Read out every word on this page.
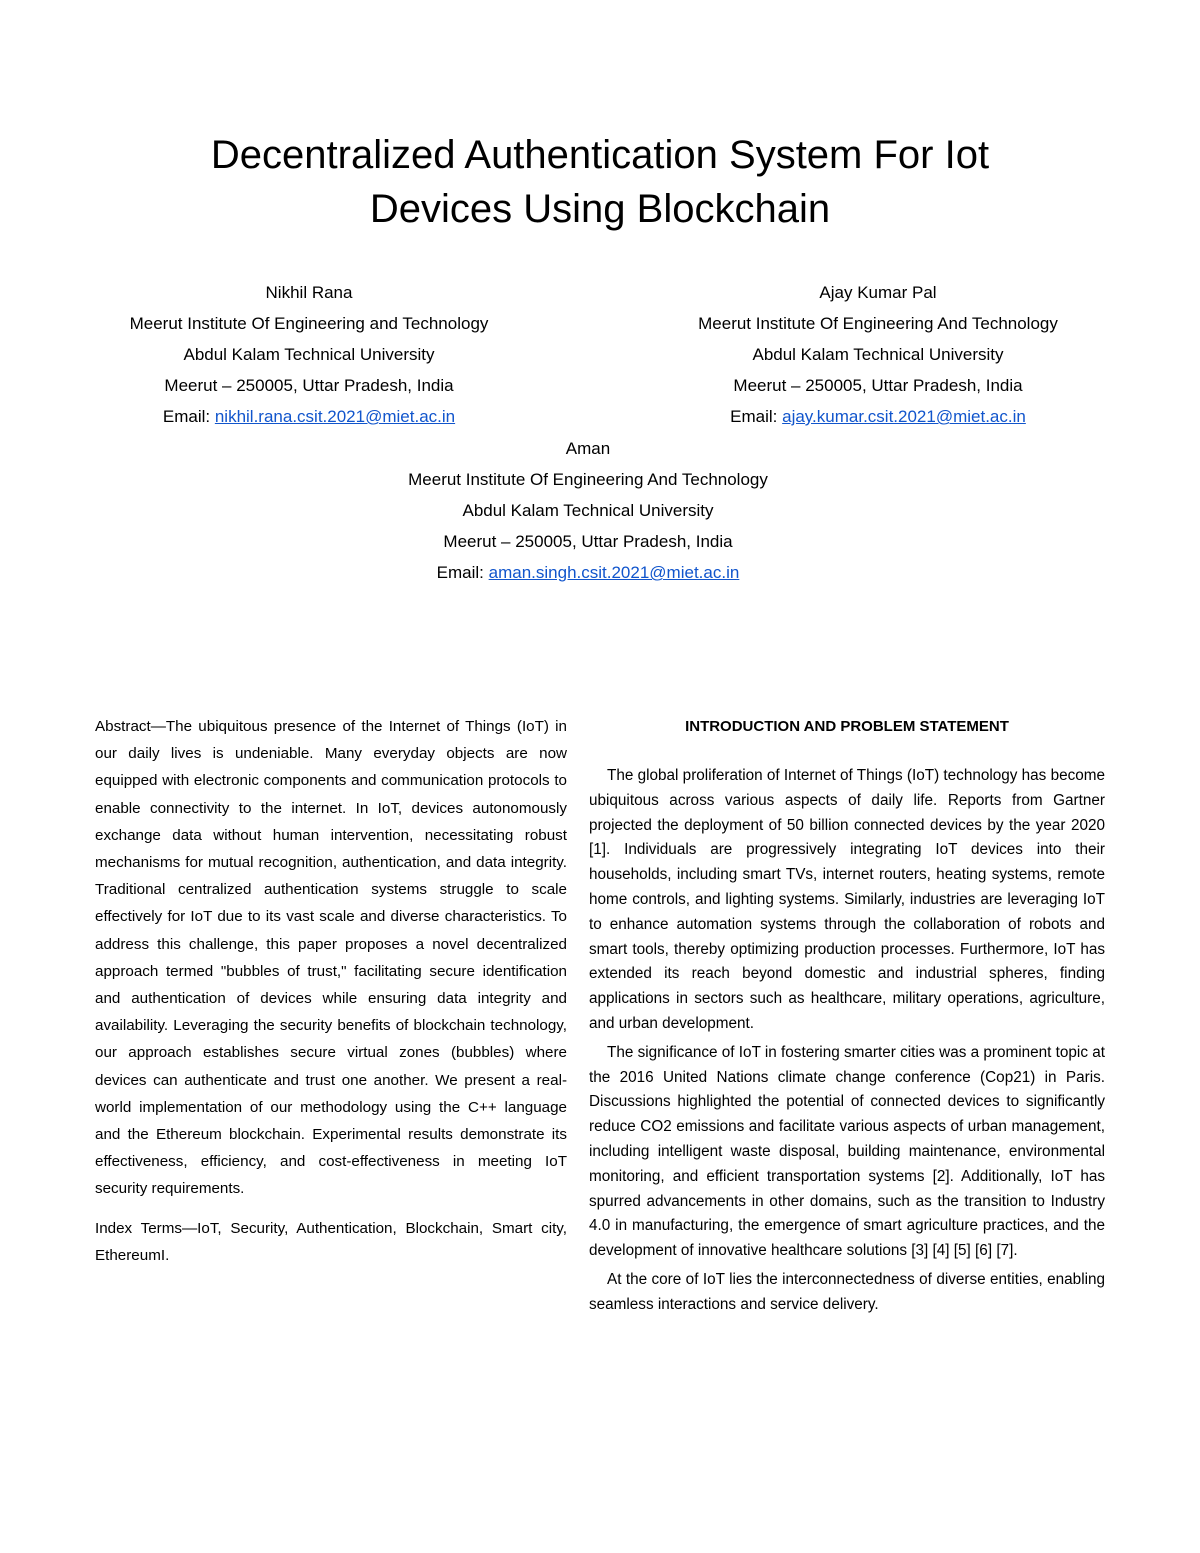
Decentralized Authentication System For Iot
Devices Using Blockchain
Nikhil Rana
Meerut Institute Of Engineering and Technology
Abdul Kalam Technical University
Meerut – 250005, Uttar Pradesh, India
Email: nikhil.rana.csit.2021@miet.ac.in
Ajay Kumar Pal
Meerut Institute Of Engineering And Technology
Abdul Kalam Technical University
Meerut – 250005, Uttar Pradesh, India
Email: ajay.kumar.csit.2021@miet.ac.in
Aman
Meerut Institute Of Engineering And Technology
Abdul Kalam Technical University
Meerut – 250005, Uttar Pradesh, India
Email: aman.singh.csit.2021@miet.ac.in

Abstract—The ubiquitous presence of the Internet of Things (IoT) in our daily lives is undeniable. Many everyday objects are now equipped with electronic components and communication protocols to enable connectivity to the internet. In IoT, devices autonomously exchange data without human intervention, necessitating robust mechanisms for mutual recognition, authentication, and data integrity. Traditional centralized authentication systems struggle to scale effectively for IoT due to its vast scale and diverse characteristics. To address this challenge, this paper proposes a novel decentralized approach termed "bubbles of trust," facilitating secure identification and authentication of devices while ensuring data integrity and availability. Leveraging the security benefits of blockchain technology, our approach establishes secure virtual zones (bubbles) where devices can authenticate and trust one another. We present a real-world implementation of our methodology using the C++ language and the Ethereum blockchain. Experimental results demonstrate its effectiveness, efficiency, and cost-effectiveness in meeting IoT security requirements.

Index Terms—IoT, Security, Authentication, Blockchain, Smart city, EthereumI.

INTRODUCTION AND PROBLEM STATEMENT

The global proliferation of Internet of Things (IoT) technology has become ubiquitous across various aspects of daily life. Reports from Gartner projected the deployment of 50 billion connected devices by the year 2020 [1]. Individuals are progressively integrating IoT devices into their households, including smart TVs, internet routers, heating systems, remote home controls, and lighting systems. Similarly, industries are leveraging IoT to enhance automation systems through the collaboration of robots and smart tools, thereby optimizing production processes. Furthermore, IoT has extended its reach beyond domestic and industrial spheres, finding applications in sectors such as healthcare, military operations, agriculture, and urban development.

The significance of IoT in fostering smarter cities was a prominent topic at the 2016 United Nations climate change conference (Cop21) in Paris. Discussions highlighted the potential of connected devices to significantly reduce CO2 emissions and facilitate various aspects of urban management, including intelligent waste disposal, building maintenance, environmental monitoring, and efficient transportation systems [2]. Additionally, IoT has spurred advancements in other domains, such as the transition to Industry 4.0 in manufacturing, the emergence of smart agriculture practices, and the development of innovative healthcare solutions [3] [4] [5] [6] [7].

At the core of IoT lies the interconnectedness of diverse entities, enabling seamless interactions and service delivery.
